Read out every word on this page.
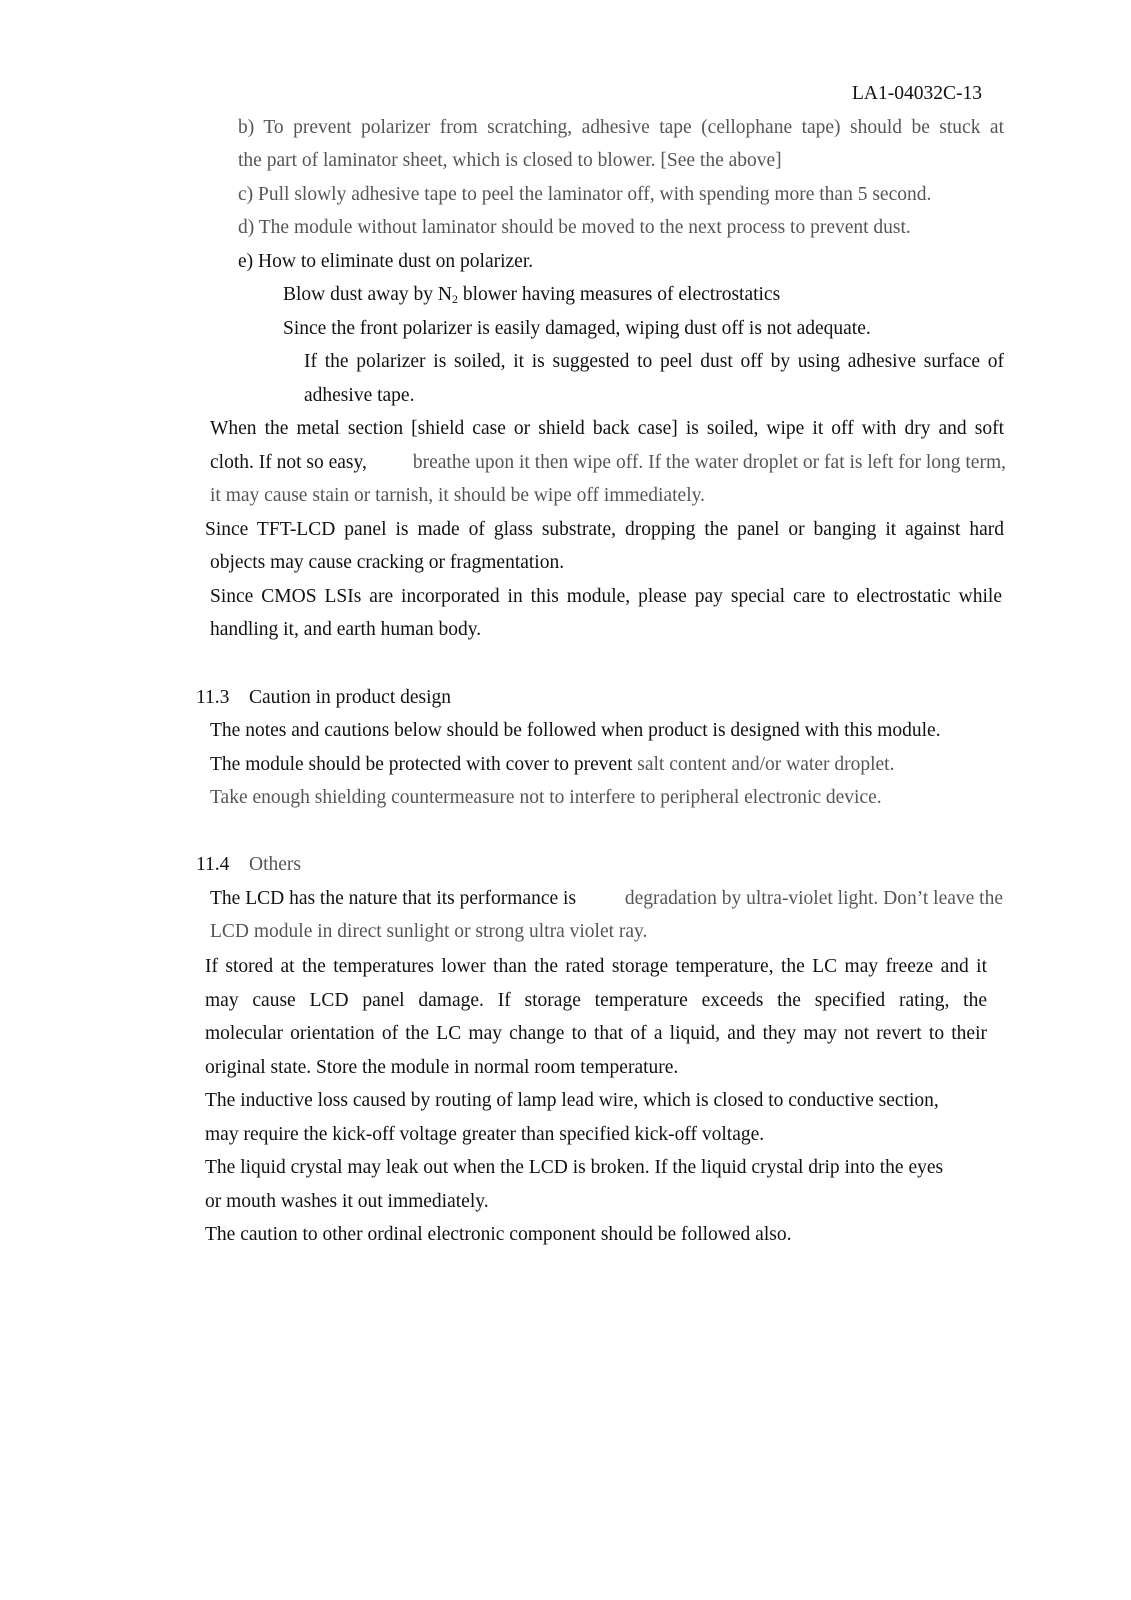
LA1-04032C-13
b) To prevent polarizer from scratching, adhesive tape (cellophane tape) should be stuck at
the part of laminator sheet, which is closed to blower. [See the above]
c) Pull slowly adhesive tape to peel the laminator off, with spending more than 5 second.
d) The module without laminator should be moved to the next process to prevent dust.
e) How to eliminate dust on polarizer.
Blow dust away by $N_2$ blower having measures of electrostatics
Since the front polarizer is easily damaged, wiping dust off is not adequate.
If the polarizer is soiled, it is suggested to peel dust off by using adhesive surface of
adhesive tape.
When the metal section [shield case or shield back case] is soiled, wipe it off with dry and soft
cloth. If not so easy, breathe upon it then wipe off. If the water droplet or fat is left for long term,
it may cause stain or tarnish, it should be wipe off immediately.
Since TFT-LCD panel is made of glass substrate, dropping the panel or banging it against hard
objects may cause cracking or fragmentation.
Since CMOS LSIs are incorporated in this module, please pay special care to electrostatic while
handling it, and earth human body.
11.3 Caution in product design
The notes and cautions below should be followed when product is designed with this module.
The module should be protected with cover to prevent salt content and/or water droplet.
Take enough shielding countermeasure not to interfere to peripheral electronic device.
11.4 Others
The LCD has the nature that its performance is	degradation by ultra-violet light. Don’t leave the
LCD module in direct sunlight or strong ultra violet ray.
If stored at the temperatures lower than the rated storage temperature, the LC may freeze and it
may cause LCD panel damage. If storage temperature exceeds the specified rating, the
molecular orientation of the LC may change to that of a liquid, and they may not revert to their
original state. Store the module in normal room temperature.
The inductive loss caused by routing of lamp lead wire, which is closed to conductive section,
may require the kick-off voltage greater than specified kick-off voltage.
The liquid crystal may leak out when the LCD is broken. If the liquid crystal drip into the eyes
or mouth washes it out immediately.
The caution to other ordinal electronic component should be followed also.
